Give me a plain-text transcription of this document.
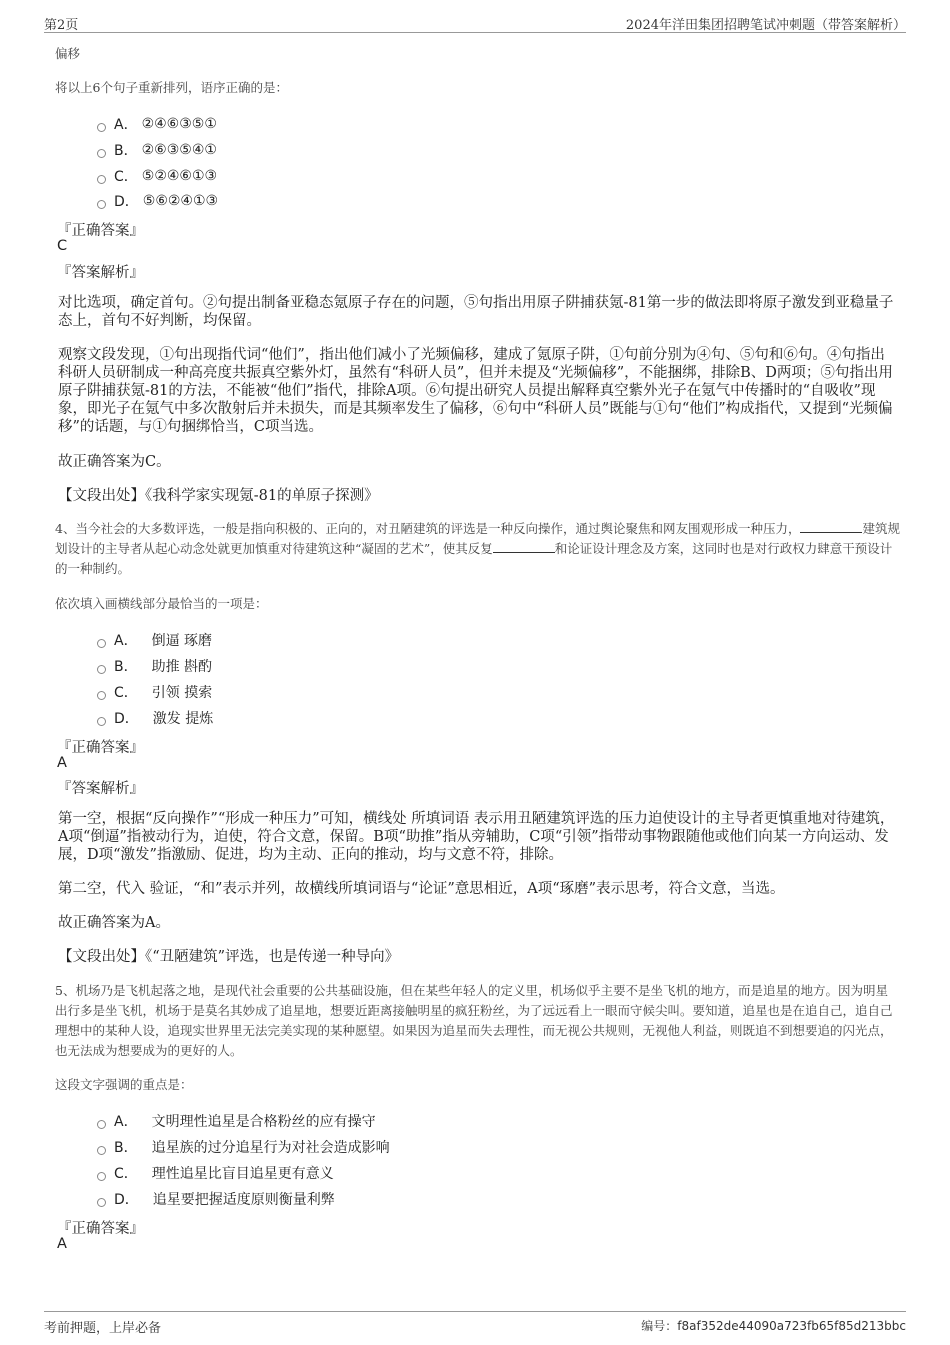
第2页	2024年洋田集团招聘笔试冲刺题（带答案解析）
偏移
将以上6个句子重新排列，语序正确的是：
A． ②④⑥③⑤①
B． ②⑥③⑤④①
C． ⑤②④⑥①③
D． ⑤⑥②④①③
『正确答案』
C
『答案解析』
对比选项，确定首句。②句提出制备亚稳态氪原子存在的问题，⑤句指出用原子阱捕获氪-81第一步的做法即将原子激发到亚稳量子态上，首句不好判断，均保留。
观察文段发现，①句出现指代词“他们”，指出他们减小了光频偏移，建成了氪原子阱，①句前分别为④句、⑤句和⑥句。④句指出科研人员研制成一种高亮度共振真空紫外灯，虽然有“科研人员”，但并未提及“光频偏移”，不能捆绑，排除B、D两项；⑤句指出用原子阱捕获氪-81的方法，不能被“他们”指代，排除A项。⑥句提出研究人员提出解释真空紫外光子在氪气中传播时的“自吸收”现象，即光子在氪气中多次散射后并未损失，而是其频率发生了偏移，⑥句中“科研人员”既能与①句“他们”构成指代，又提到“光频偏移”的话题，与①句捆绑恰当，C项当选。
故正确答案为C。
【文段出处】《我科学家实现氪-81的单原子探测》
4、当今社会的大多数评选，一般是指向积极的、正向的，对丑陋建筑的评选是一种反向操作，通过舆论聚焦和网友围观形成一种压力，	建筑规划设计的主导者从起心动念处就更加慎重对待建筑这种“凝固的艺术”，使其反复	和论证设计理念及方案，这同时也是对行政权力肆意干预设计的一种制约。
依次填入画横线部分最恰当的一项是：
A． 倒逼 琢磨
B． 助推 斟酌
C． 引领 摸索
D． 激发 提炼
『正确答案』
A
『答案解析』
第一空，根据“反向操作”“形成一种压力”可知，横线处 所填词语 表示用丑陋建筑评选的压力迫使设计的主导者更慎重地对待建筑，A项“倒逼”指被动行为，迫使，符合文意，保留。B项“助推”指从旁辅助，C项“引领”指带动事物跟随他或他们向某一方向运动、发展，D项“激发”指激励、促进，均为主动、正向的推动，均与文意不符，排除。
第二空，代入 验证，“和”表示并列，故横线所填词语与“论证”意思相近，A项“琢磨”表示思考，符合文意，当选。
故正确答案为A。
【文段出处】《“丑陋建筑”评选，也是传递一种导向》
5、机场乃是飞机起落之地，是现代社会重要的公共基础设施，但在某些年轻人的定义里，机场似乎主要不是坐飞机的地方，而是追星的地方。因为明星出行多是坐飞机，机场于是莫名其妙成了追星地，想要近距离接触明星的疯狂粉丝，为了远远看上一眼而守候尖叫。要知道，追星也是在追自己，追自己理想中的某种人设，追现实世界里无法完美实现的某种愿望。如果因为追星而失去理性，而无视公共规则，无视他人利益，则既追不到想要追的闪光点，也无法成为想要成为的更好的人。
这段文字强调的重点是：
A． 文明理性追星是合格粉丝的应有操守
B． 追星族的过分追星行为对社会造成影响
C． 理性追星比盲目追星更有意义
D． 追星要把握适度原则衡量利弊
『正确答案』
A
考前押题，上岸必备	编号：f8af352de44090a723fb65f85d213bbc
